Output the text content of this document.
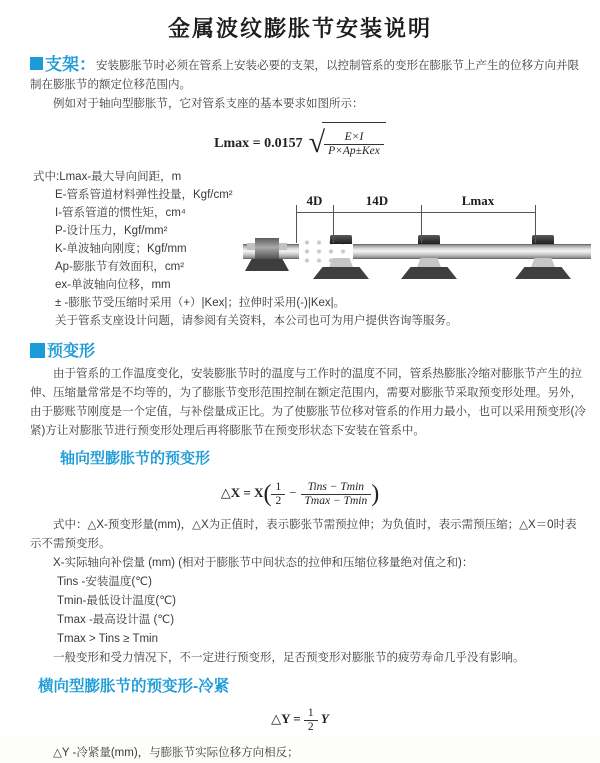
金属波纹膨胀节安装说明

支架：安装膨胀节时必须在管系上安装必要的支架，以控制管系的变形在膨胀节上产生的位移方向并限制在膨胀节的额定位移范围内。

例如对于轴向型膨胀节，它对管系支座的基本要求如图所示：

Lmax = 0.0157 √ $\frac{E\times I}{\text{P×Ap±Kex}}$
式中:Lmax-最大导向间距，m
E-管系管道材料弹性投量，Kgf/cm²
I-管系管道的惯性矩，cm⁴
P-设计压力，Kgf/mm²
K-单波轴向刚度；Kgf/mm
Ap-膨胀节有效面积，cm²
ex-单波轴向位移，mm
± -膨胀节受压缩时采用（+）|Kex|；拉伸时采用(-)|Kex|。
关于管系支座设计问题，请参阅有关资料，本公司也可为用户提供咨询等服务。
4D	14D	Lmax
预变形

由于管系的工作温度变化，安装膨胀节时的温度与工作时的温度不同，管系热膨胀冷缩对膨胀节产生的拉伸、压缩量常常是不均等的，为了膨胀节变形范围控制在额定范围内，需要对膨胀节采取预变形处理。另外，由于膨账节刚度是一个定值，与补偿量成正比。为了使膨胀节位移对管系的作用力最小，也可以采用预变形(冷紧)方让对膨胀节进行预变形处理后再将膨胀节在预变形状态下安装在管系中。

轴向型膨胀节的预变形
△X = $X( \frac{1}{2} - \frac{\text{Tins − Tmin}}{Tmax - Tmin}$ )

式中：△X-预变形量(mm)，△X为正值时，表示膨张节需预拉伸；为负值时，表示需预压缩；△X＝0时表示不需预变形。

X-实际轴向补偿量 (mm) (相对于膨胀节中间状态的拉伸和压缩位移量绝对值之和)：

Tins -安装温度(℃)
Tmin-最低设计温度(℃)
Tmax -最高设计温 (℃)
Tmax > Tins ≥ Tmin

一般变形和受力情况下，不一定进行预变形，足否预变形对膨胀节的疲劳寿命几乎没有影响。

横向型膨胀节的预变形-冷紧
△Y = $\frac{1}{2}$ Y

△Y -冷紧量(mm)，与膨胀节实际位移方向相反；
